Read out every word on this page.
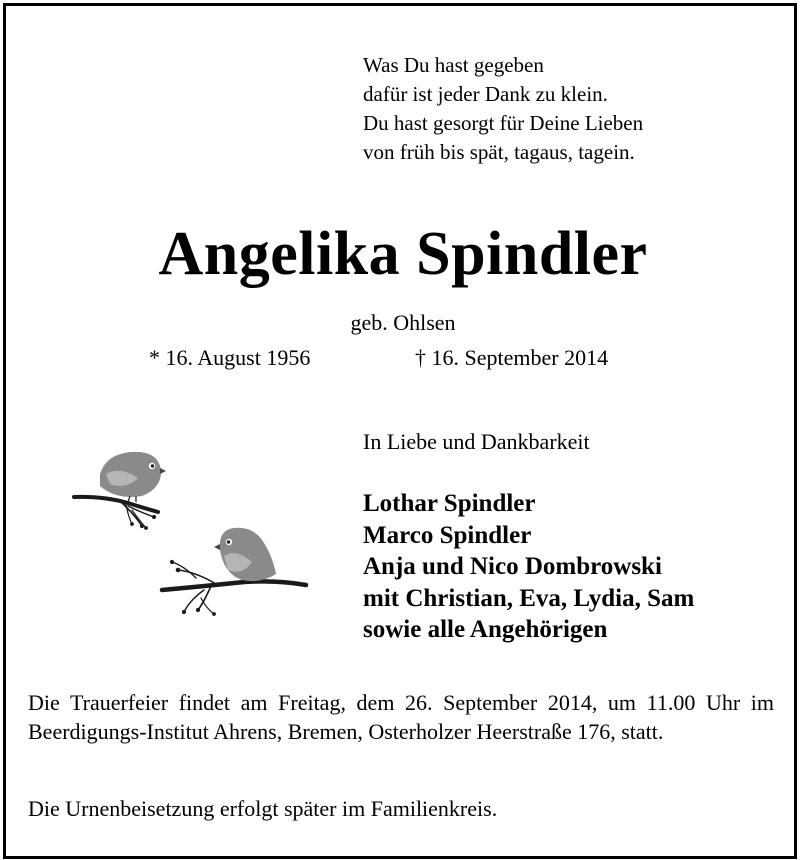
Was Du hast gegeben
dafür ist jeder Dank zu klein.
Du hast gesorgt für Deine Lieben
von früh bis spät, tagaus, tagein.
Angelika Spindler
geb. Ohlsen
* 16. August 1956	† 16. September 2014
In Liebe und Dankbarkeit
Lothar Spindler
Marco Spindler
Anja und Nico Dombrowski
mit Christian, Eva, Lydia, Sam
sowie alle Angehörigen
Die Trauerfeier findet am Freitag, dem 26. September 2014, um 11.00 Uhr im Beerdigungs-Institut Ahrens, Bremen, Osterholzer Heerstraße 176, statt.
Die Urnenbeisetzung erfolgt später im Familienkreis.
